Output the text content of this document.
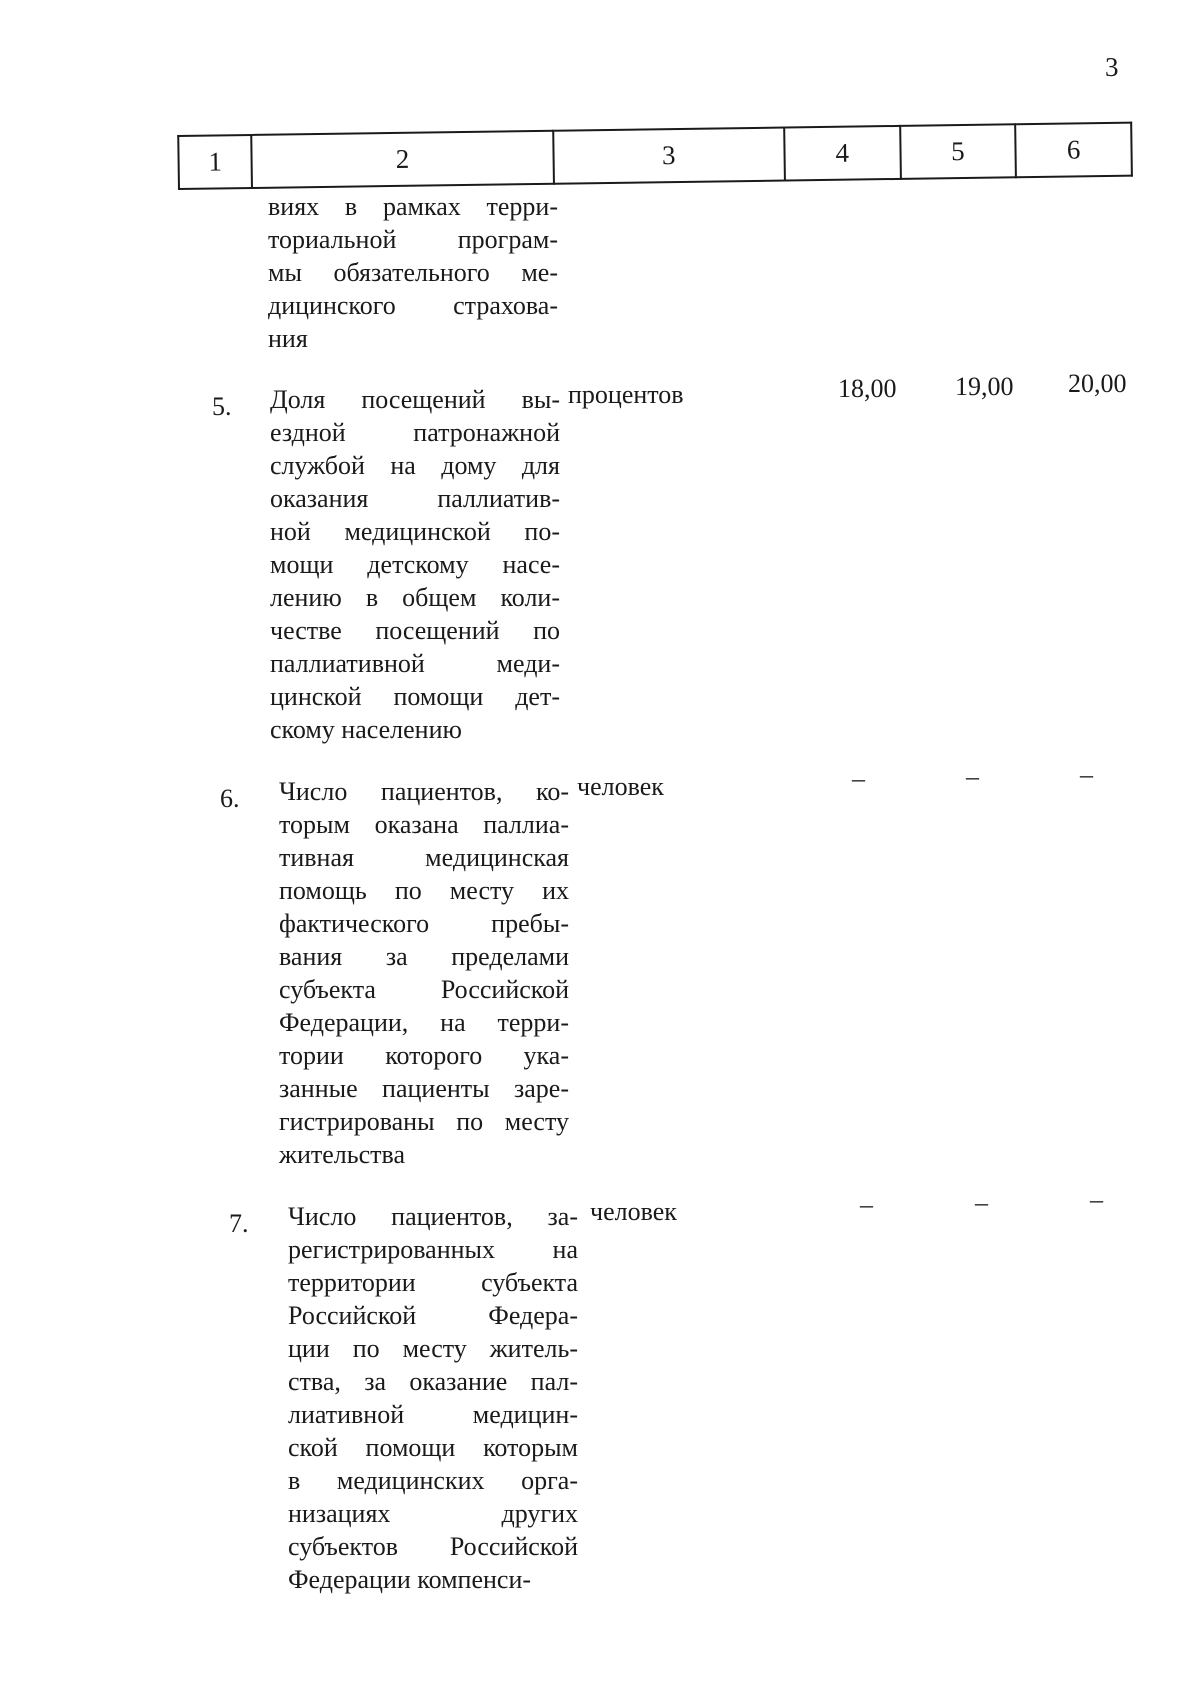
3
1	2	3	4	5	6
виях в рамках терри-
ториальной програм-
мы обязательного ме-
дицинского страхова-
ния
5.	Доля посещений вы-
ездной патронажной
службой на дому для
оказания паллиатив-
ной медицинской по-
мощи детскому насе-
лению в общем коли-
честве посещений по
паллиативной меди-
цинской помощи дет-
скому населению
процентов	18,00	19,00	20,00
6.	Число пациентов, ко-
торым оказана паллиа-
тивная медицинская
помощь по месту их
фактического пребы-
вания за пределами
субъекта Российской
Федерации, на терри-
тории которого ука-
занные пациенты заре-
гистрированы по месту
жительства
человек	–	–	–
7.	Число пациентов, за-
регистрированных на
территории субъекта
Российской Федера-
ции по месту житель-
ства, за оказание пал-
лиативной медицин-
ской помощи которым
в медицинских орга-
низациях других
субъектов Российской
Федерации компенси-
человек	–	–	–
